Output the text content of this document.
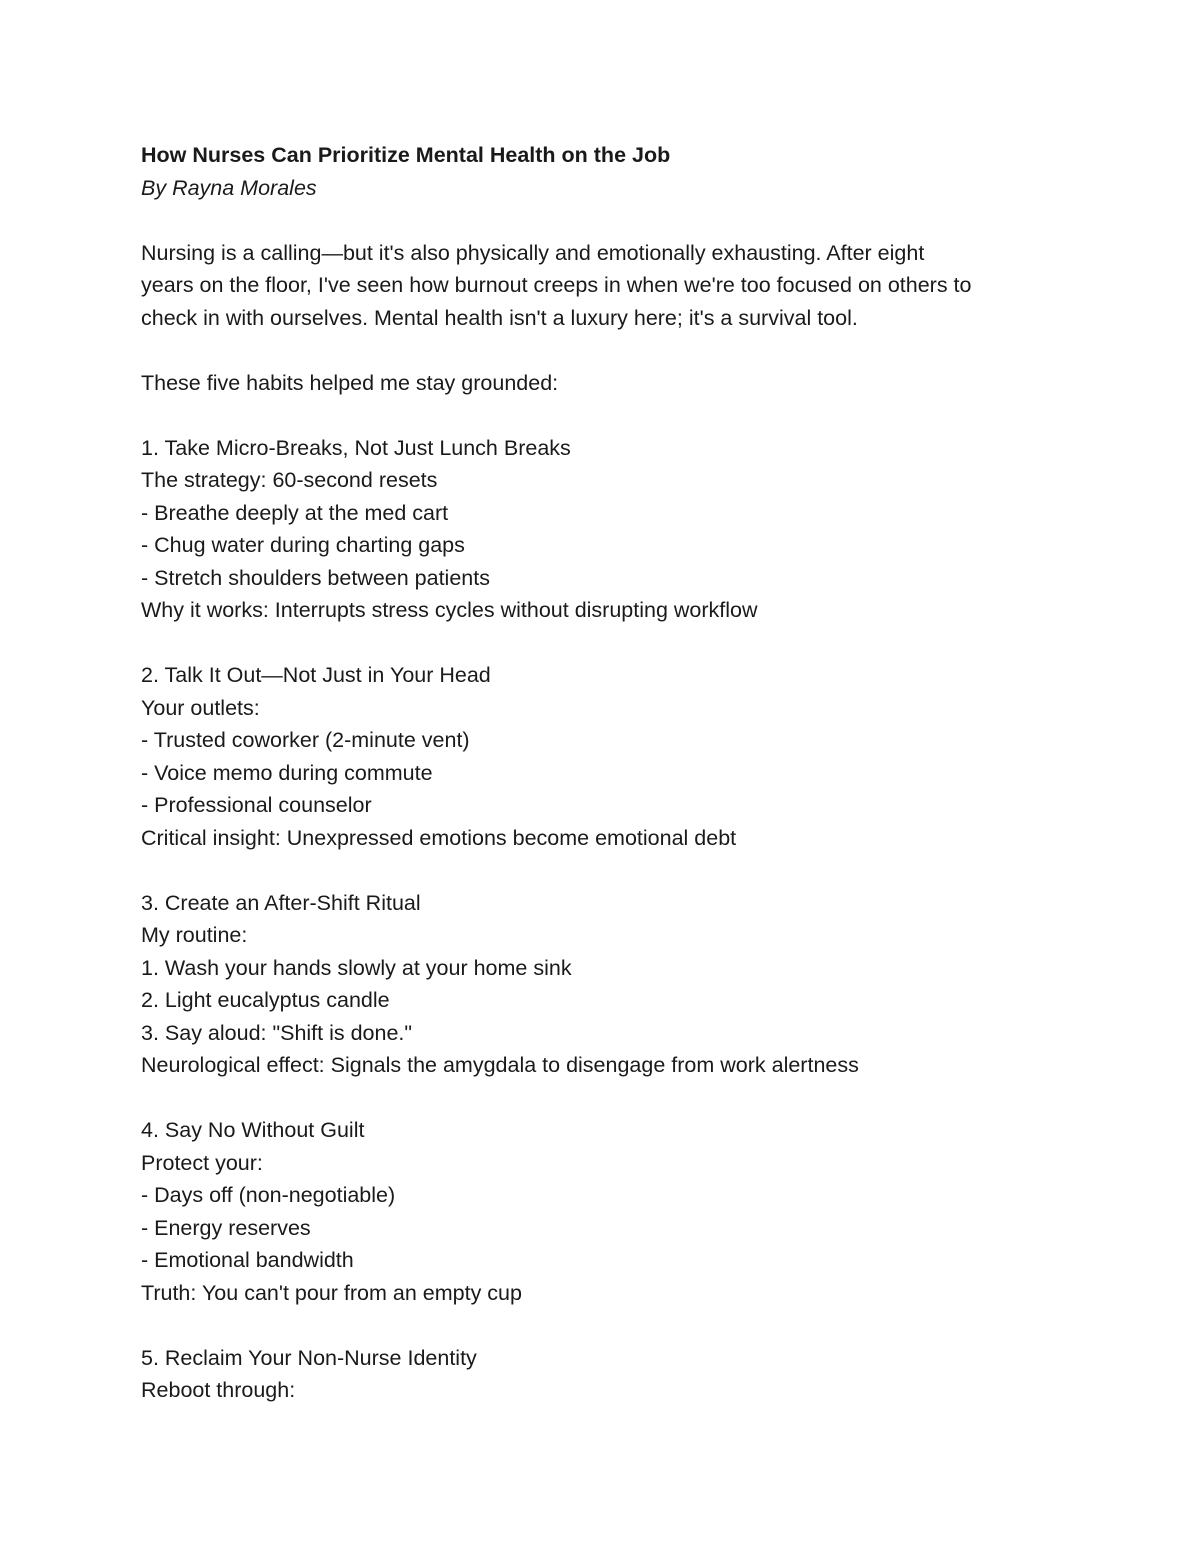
How Nurses Can Prioritize Mental Health on the Job
By Rayna Morales
Nursing is a calling—but it's also physically and emotionally exhausting. After eight
years on the floor, I've seen how burnout creeps in when we're too focused on others to
check in with ourselves. Mental health isn't a luxury here; it's a survival tool.
These five habits helped me stay grounded:
1. Take Micro-Breaks, Not Just Lunch Breaks
The strategy: 60-second resets
- Breathe deeply at the med cart
- Chug water during charting gaps
- Stretch shoulders between patients
Why it works: Interrupts stress cycles without disrupting workflow
2. Talk It Out—Not Just in Your Head
Your outlets:
- Trusted coworker (2-minute vent)
- Voice memo during commute
- Professional counselor
Critical insight: Unexpressed emotions become emotional debt
3. Create an After-Shift Ritual
My routine:
1. Wash your hands slowly at your home sink
2. Light eucalyptus candle
3. Say aloud: "Shift is done."
Neurological effect: Signals the amygdala to disengage from work alertness
4. Say No Without Guilt
Protect your:
- Days off (non-negotiable)
- Energy reserves
- Emotional bandwidth
Truth: You can't pour from an empty cup
5. Reclaim Your Non-Nurse Identity
Reboot through:
